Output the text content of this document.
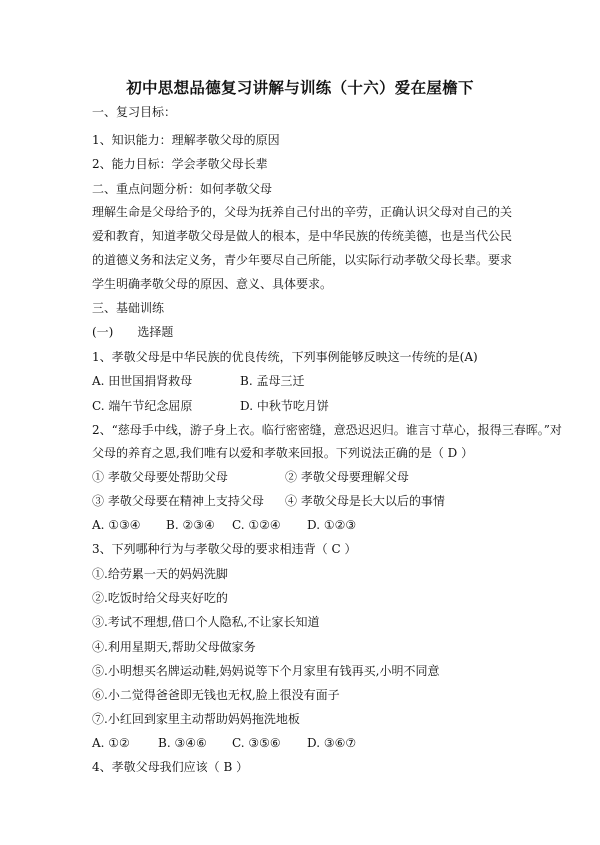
初中思想品德复习讲解与训练（十六）爱在屋檐下
一、复习目标：
1、知识能力：理解孝敬父母的原因
2、能力目标：学会孝敬父母长辈
二、重点问题分析：如何孝敬父母
理解生命是父母给予的，父母为抚养自己付出的辛劳，正确认识父母对自己的关爱和教育，知道孝敬父母是做人的根本，是中华民族的传统美德，也是当代公民的道德义务和法定义务，青少年要尽自己所能，以实际行动孝敬父母长辈。要求学生明确孝敬父母的原因、意义、具体要求。
三、基础训练
(一)　　选择题
1、孝敬父母是中华民族的优良传统，下列事例能够反映这一传统的是(A)
A. 田世国捐肾救母	B. 孟母三迁
C. 端午节纪念屈原	D. 中秋节吃月饼
2、“慈母手中线，游子身上衣。临行密密缝，意恐迟迟归。谁言寸草心，报得三春晖。”对
父母的养育之恩,我们唯有以爱和孝敬来回报。下列说法正确的是（ D ）
① 孝敬父母要处帮助父母	② 孝敬父母要理解父母
③ 孝敬父母要在精神上支持父母 ④ 孝敬父母是长大以后的事情
A. ①③④ B. ②③④ C. ①②④ D. ①②③
3、下列哪种行为与孝敬父母的要求相违背（ C ）
①.给劳累一天的妈妈洗脚
②.吃饭时给父母夹好吃的
③.考试不理想,借口个人隐私,不让家长知道
④.利用星期天,帮助父母做家务
⑤.小明想买名牌运动鞋,妈妈说等下个月家里有钱再买,小明不同意
⑥.小二觉得爸爸即无钱也无权,脸上很没有面子
⑦.小红回到家里主动帮助妈妈拖洗地板
A. ①② B. ③④⑥ C. ③⑤⑥ D. ③⑥⑦
4、孝敬父母我们应该（ B ）
